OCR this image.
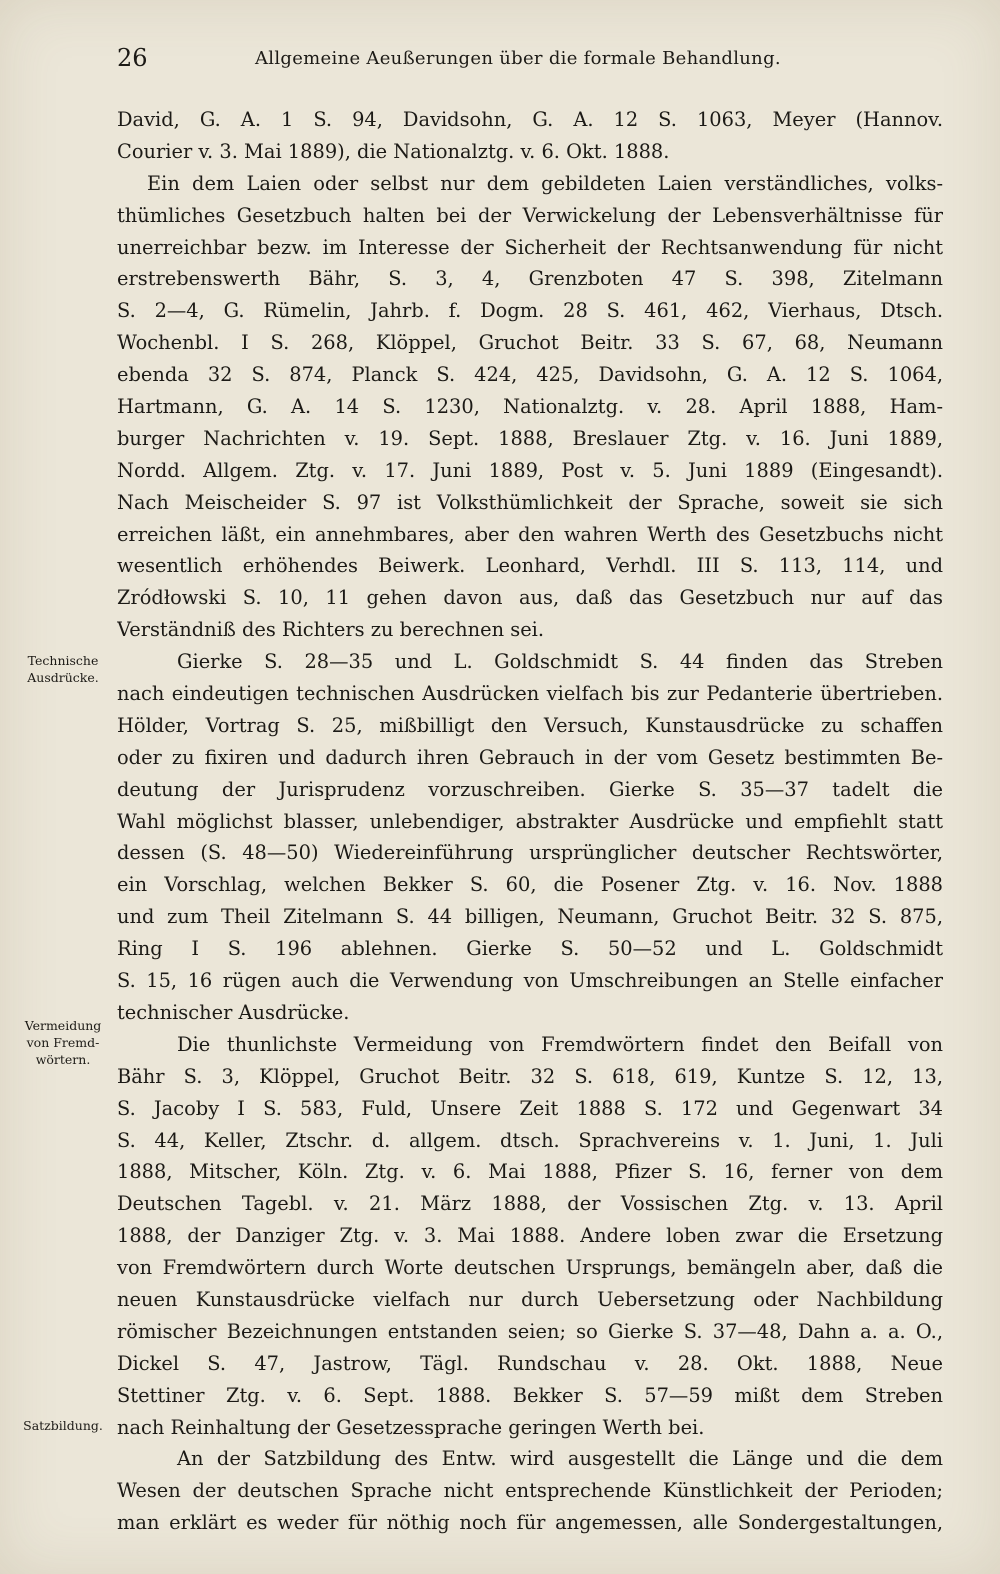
26	Allgemeine Aeußerungen über die formale Behandlung.
Technische
Ausdrücke.
Vermeidung
von Fremd-
wörtern.
Satzbildung.
David, G. A. 1 S. 94, Davidsohn, G. A. 12 S. 1063, Meyer (Hannov.
Courier v. 3. Mai 1889), die Nationalztg. v. 6. Okt. 1888.
Ein dem Laien oder selbst nur dem gebildeten Laien verständliches, volks-
thümliches Gesetzbuch halten bei der Verwickelung der Lebensverhältnisse für
unerreichbar bezw. im Interesse der Sicherheit der Rechtsanwendung für nicht
erstrebenswerth Bähr, S. 3, 4, Grenzboten 47 S. 398, Zitelmann
S. 2—4, G. Rümelin, Jahrb. f. Dogm. 28 S. 461, 462, Vierhaus, Dtsch.
Wochenbl. I S. 268, Klöppel, Gruchot Beitr. 33 S. 67, 68, Neumann
ebenda 32 S. 874, Planck S. 424, 425, Davidsohn, G. A. 12 S. 1064,
Hartmann, G. A. 14 S. 1230, Nationalztg. v. 28. April 1888, Ham-
burger Nachrichten v. 19. Sept. 1888, Breslauer Ztg. v. 16. Juni 1889,
Nordd. Allgem. Ztg. v. 17. Juni 1889, Post v. 5. Juni 1889 (Eingesandt).
Nach Meischeider S. 97 ist Volksthümlichkeit der Sprache, soweit sie sich
erreichen läßt, ein annehmbares, aber den wahren Werth des Gesetzbuchs nicht
wesentlich erhöhendes Beiwerk. Leonhard, Verhdl. III S. 113, 114, und
Zródłowski S. 10, 11 gehen davon aus, daß das Gesetzbuch nur auf das
Verständniß des Richters zu berechnen sei.
Gierke S. 28—35 und L. Goldschmidt S. 44 finden das Streben
nach eindeutigen technischen Ausdrücken vielfach bis zur Pedanterie übertrieben.
Hölder, Vortrag S. 25, mißbilligt den Versuch, Kunstausdrücke zu schaffen
oder zu fixiren und dadurch ihren Gebrauch in der vom Gesetz bestimmten Be-
deutung der Jurisprudenz vorzuschreiben. Gierke S. 35—37 tadelt die
Wahl möglichst blasser, unlebendiger, abstrakter Ausdrücke und empfiehlt statt
dessen (S. 48—50) Wiedereinführung ursprünglicher deutscher Rechtswörter,
ein Vorschlag, welchen Bekker S. 60, die Posener Ztg. v. 16. Nov. 1888
und zum Theil Zitelmann S. 44 billigen, Neumann, Gruchot Beitr. 32 S. 875,
Ring I S. 196 ablehnen. Gierke S. 50—52 und L. Goldschmidt
S. 15, 16 rügen auch die Verwendung von Umschreibungen an Stelle einfacher
technischer Ausdrücke.
Die thunlichste Vermeidung von Fremdwörtern findet den Beifall von
Bähr S. 3, Klöppel, Gruchot Beitr. 32 S. 618, 619, Kuntze S. 12, 13,
S. Jacoby I S. 583, Fuld, Unsere Zeit 1888 S. 172 und Gegenwart 34
S. 44, Keller, Ztschr. d. allgem. dtsch. Sprachvereins v. 1. Juni, 1. Juli
1888, Mitscher, Köln. Ztg. v. 6. Mai 1888, Pfizer S. 16, ferner von dem
Deutschen Tagebl. v. 21. März 1888, der Vossischen Ztg. v. 13. April
1888, der Danziger Ztg. v. 3. Mai 1888. Andere loben zwar die Ersetzung
von Fremdwörtern durch Worte deutschen Ursprungs, bemängeln aber, daß die
neuen Kunstausdrücke vielfach nur durch Uebersetzung oder Nachbildung
römischer Bezeichnungen entstanden seien; so Gierke S. 37—48, Dahn a. a. O.,
Dickel S. 47, Jastrow, Tägl. Rundschau v. 28. Okt. 1888, Neue
Stettiner Ztg. v. 6. Sept. 1888. Bekker S. 57—59 mißt dem Streben
nach Reinhaltung der Gesetzessprache geringen Werth bei.
An der Satzbildung des Entw. wird ausgestellt die Länge und die dem
Wesen der deutschen Sprache nicht entsprechende Künstlichkeit der Perioden;
man erklärt es weder für nöthig noch für angemessen, alle Sondergestaltungen,
